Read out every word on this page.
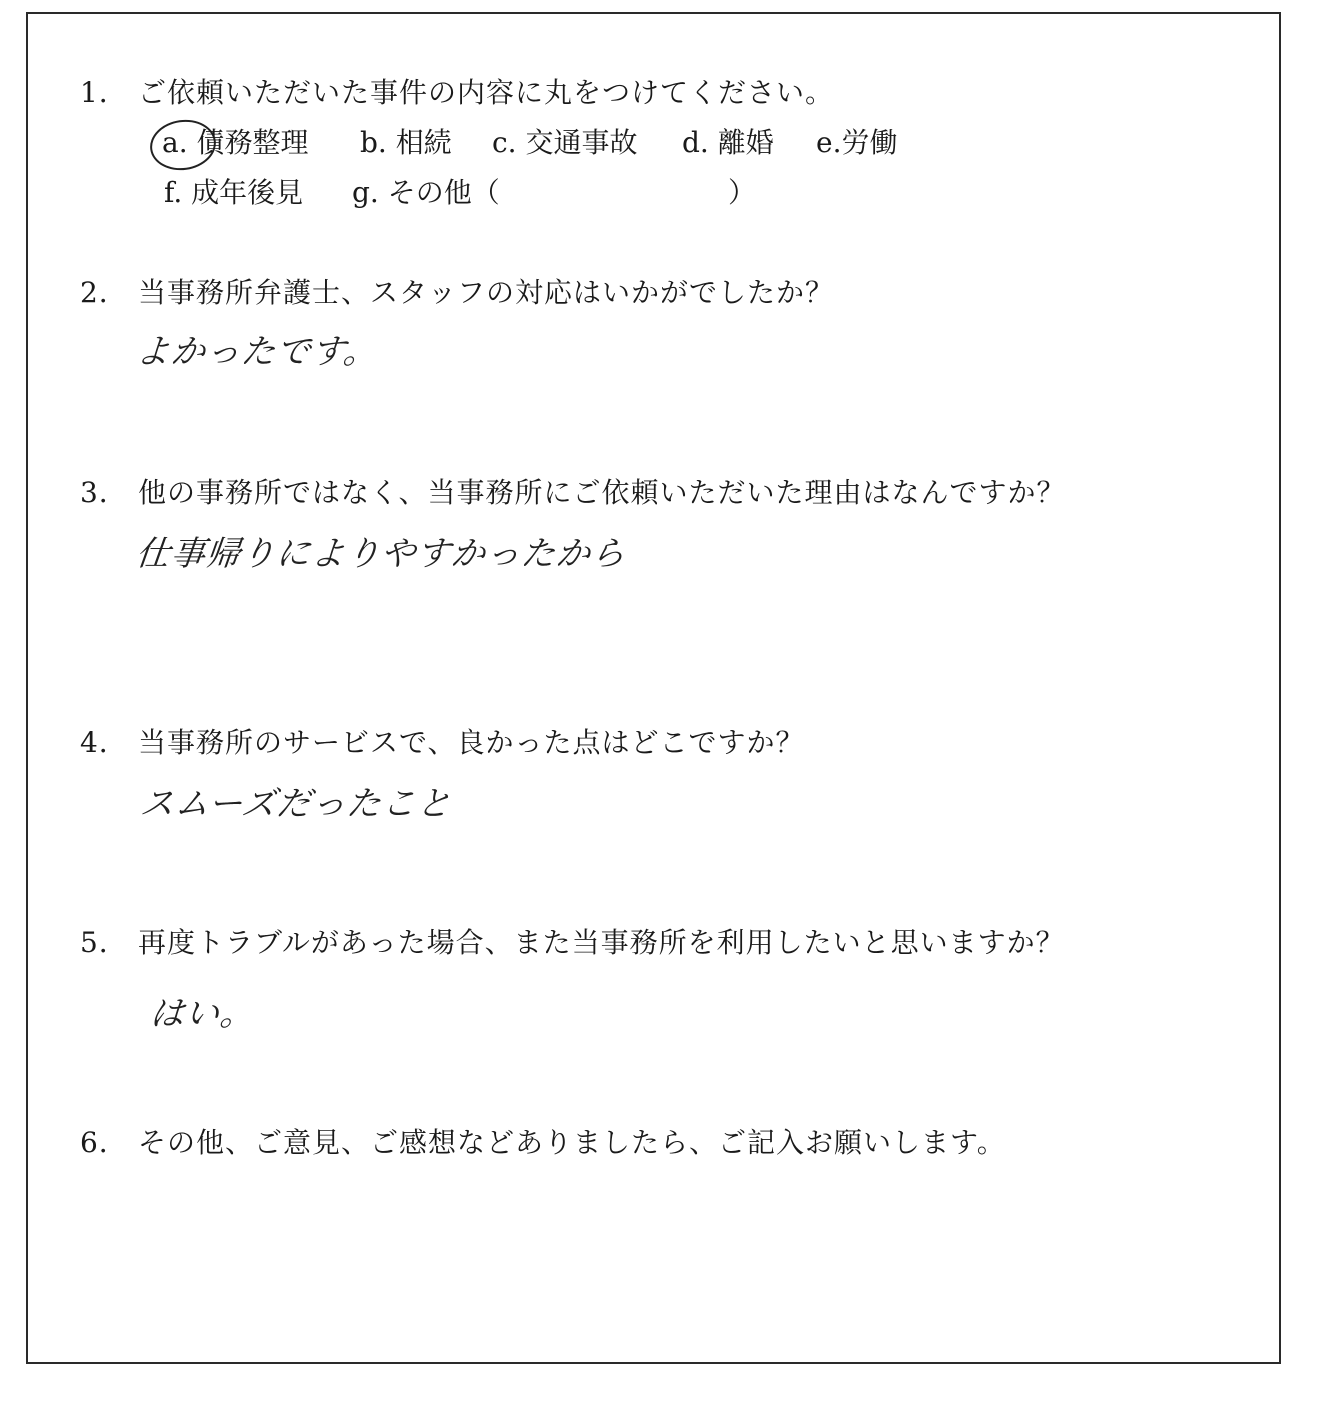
1． ご依頼いただいた事件の内容に丸をつけてください。
a. 債務整理 b. 相続 c. 交通事故 d. 離婚 e.労働
f. 成年後見 g. その他（	）
2． 当事務所弁護士、スタッフの対応はいかがでしたか？
よかったです。
3． 他の事務所ではなく、当事務所にご依頼いただいた理由はなんですか？
仕事帰りによりやすかったから
4． 当事務所のサービスで、良かった点はどこですか？
スムーズだったこと
5． 再度トラブルがあった場合、また当事務所を利用したいと思いますか？
はい。
6． その他、ご意見、ご感想などありましたら、ご記入お願いします。
